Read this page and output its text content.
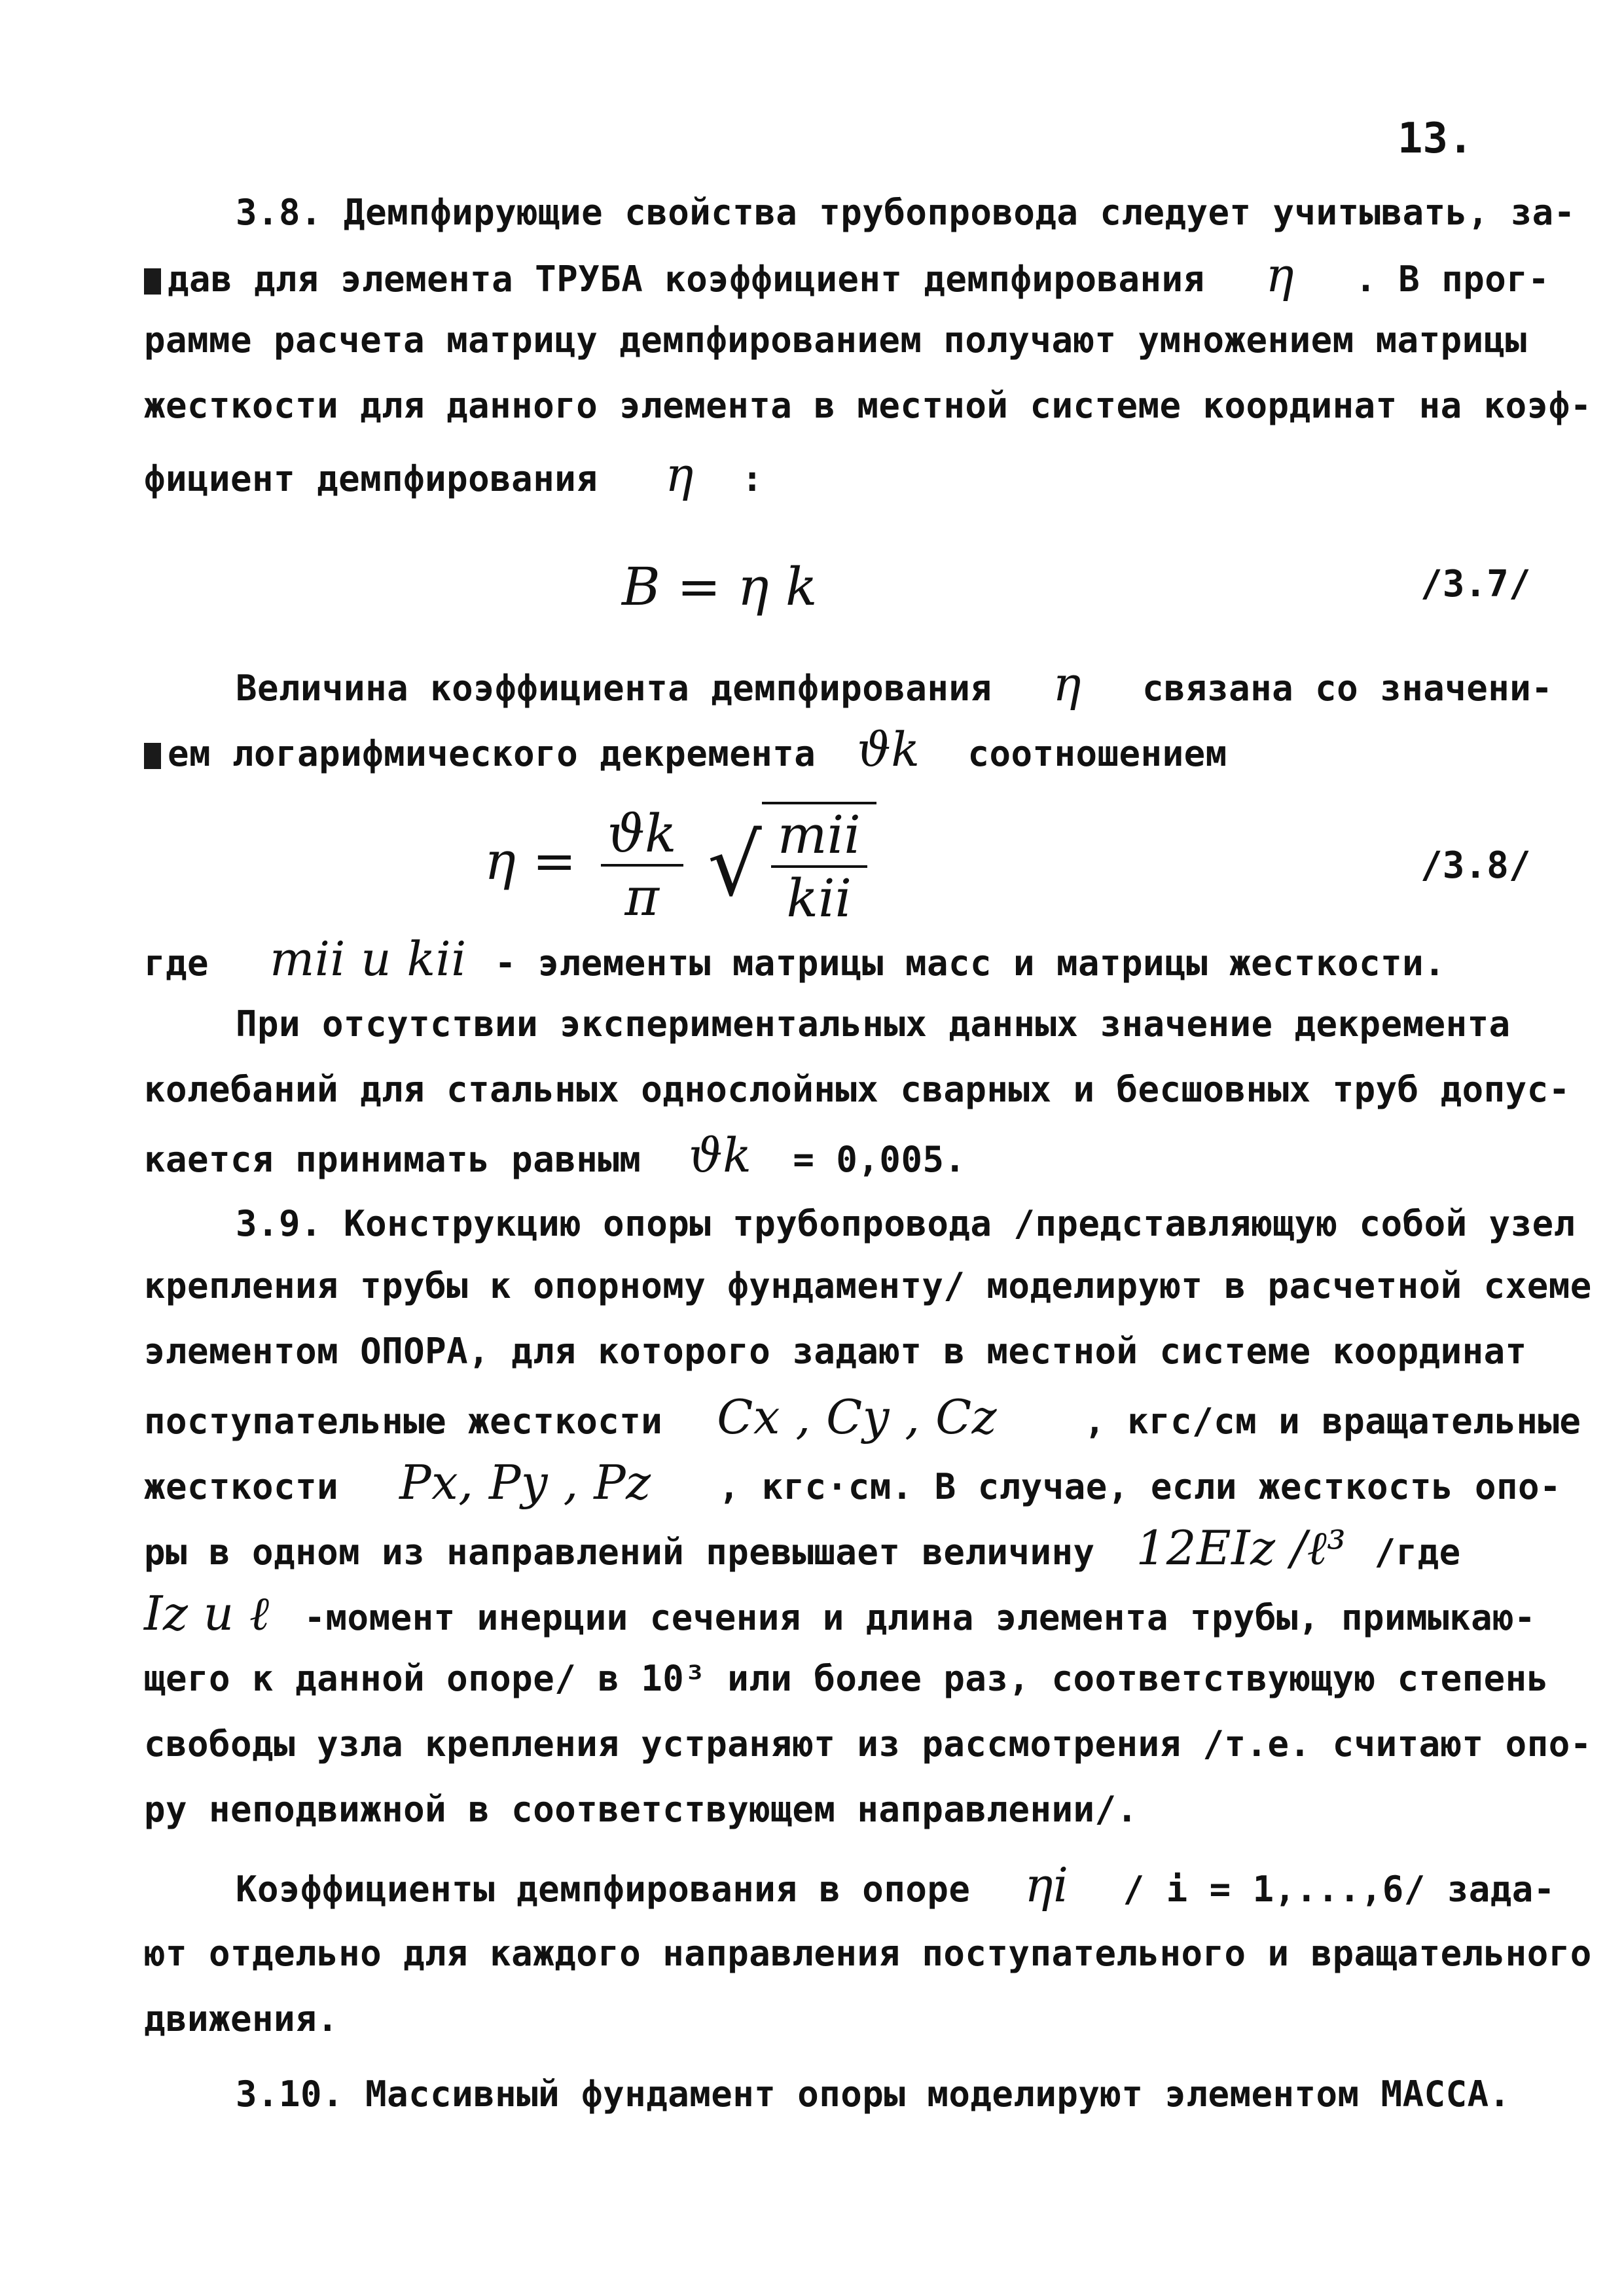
13.
3.8. Демпфирующие свойства трубопровода следует учитывать, за-
дав для элемента ТРУБА коэффициент демпфирования η . В прог-
рамме расчета матрицу демпфированием получают умножением матрицы
жесткости для данного элемента в местной системе координат на коэф-
фициент демпфирования η :
B = η k	/3.7/
Величина коэффициента демпфирования η связана со значени-
ем логарифмического декремента ϑk соотношением
$\eta = \frac{ϑk}{\pi}$
√ $\frac{\text{mii}}{\text{kii}}$	/3.8/
где mii и kii - элементы матрицы масс и матрицы жесткости.
При отсутствии экспериментальных данных значение декремента
колебаний для стальных однослойных сварных и бесшовных труб допус-
кается принимать равным ϑk = 0,005.
3.9. Конструкцию опоры трубопровода /представляющую собой узел
крепления трубы к опорному фундаменту/ моделируют в расчетной схеме
элементом ОПОРА, для которого задают в местной системе координат
поступательные жесткости Cx , Cy , Cz , кгс/см и вращательные
жесткости Px, Py , Pz , кгс·см. В случае, если жесткость опо-
ры в одном из направлений превышает величину 12EIz /ℓ³ /где
Iz и ℓ -момент инерции сечения и длина элемента трубы, примыкаю-
щего к данной опоре/ в 10³ или более раз, соответствующую степень
свободы узла крепления устраняют из рассмотрения /т.е. считают опо-
ру неподвижной в соответствующем направлении/.
Коэффициенты демпфирования в опоре ηi / i = 1,...,6/ зада-
ют отдельно для каждого направления поступательного и вращательного
движения.
3.10. Массивный фундамент опоры моделируют элементом МАССА.
